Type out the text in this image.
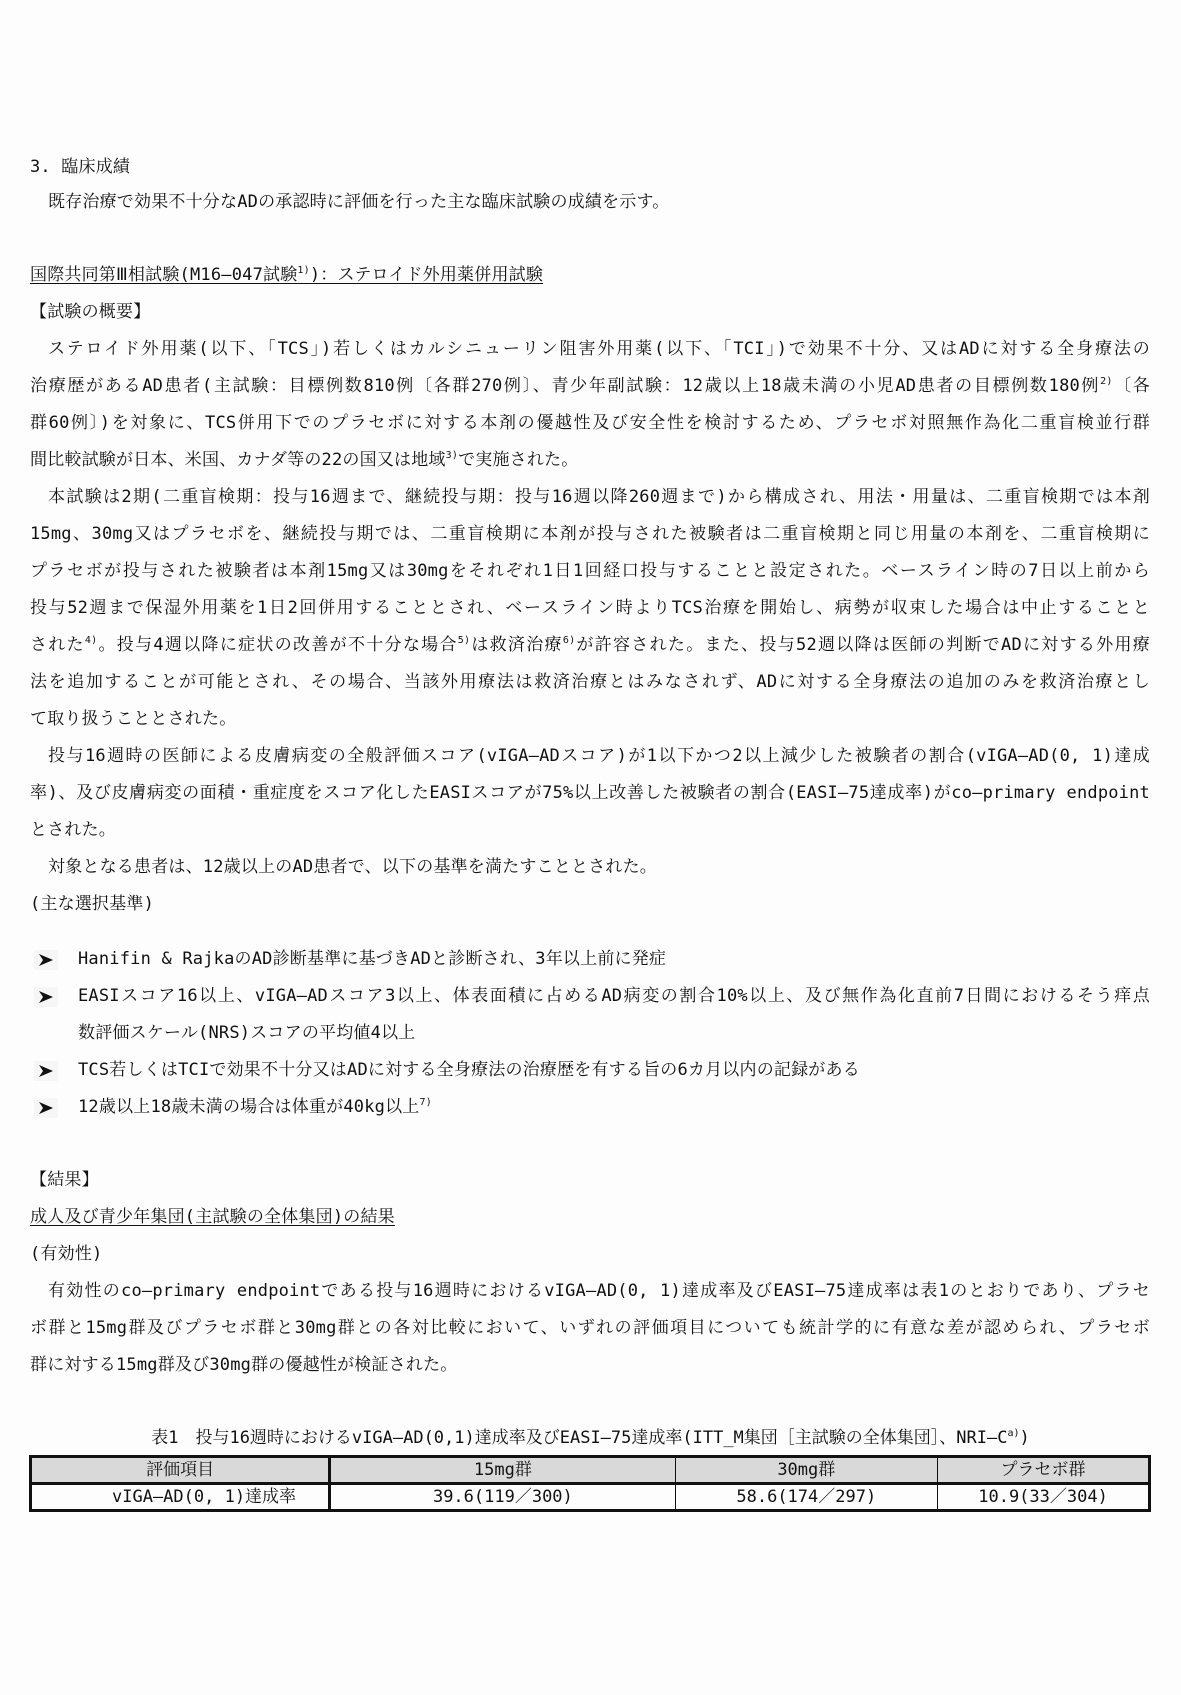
3. 臨床成績
既存治療で効果不十分なADの承認時に評価を行った主な臨床試験の成績を示す。
国際共同第Ⅲ相試験(M16—047試験$^{1)}$)：ステロイド外用薬併用試験
【試験の概要】
ステロイド外用薬(以下、「TCS」)若しくはカルシニューリン阻害外用薬(以下、「TCI」)で効果不十分、又はADに対する全身療法の
治療歴があるAD患者(主試験：目標例数810例〔各群270例〕、青少年副試験：12歳以上18歳未満の小児AD患者の目標例数180例$^{2)}$〔各
群60例〕)を対象に、TCS併用下でのプラセボに対する本剤の優越性及び安全性を検討するため、プラセボ対照無作為化二重盲検並行群
間比較試験が日本、米国、カナダ等の22の国又は地域$^{3)}$で実施された。
本試験は2期(二重盲検期：投与16週まで、継続投与期：投与16週以降260週まで)から構成され、用法・用量は、二重盲検期では本剤
15mg、30mg又はプラセボを、継続投与期では、二重盲検期に本剤が投与された被験者は二重盲検期と同じ用量の本剤を、二重盲検期に
プラセボが投与された被験者は本剤15mg又は30mgをそれぞれ1日1回経口投与することと設定された。ベースライン時の7日以上前から
投与52週まで保湿外用薬を1日2回併用することとされ、ベースライン時よりTCS治療を開始し、病勢が収束した場合は中止することと
された$^{4)}$。投与4週以降に症状の改善が不十分な場合$^{5)}$は救済治療$^{6)}$が許容された。また、投与52週以降は医師の判断でADに対する外用療
法を追加することが可能とされ、その場合、当該外用療法は救済治療とはみなされず、ADに対する全身療法の追加のみを救済治療とし
て取り扱うこととされた。
投与16週時の医師による皮膚病変の全般評価スコア(vIGA—ADスコア)が1以下かつ2以上減少した被験者の割合(vIGA—AD(0, 1)達成
率)、及び皮膚病変の面積・重症度をスコア化したEASIスコアが75%以上改善した被験者の割合(EASI—75達成率)がco—primary endpoint
とされた。
対象となる患者は、12歳以上のAD患者で、以下の基準を満たすこととされた。
(主な選択基準)
Hanifin & RajkaのAD診断基準に基づきADと診断され、3年以上前に発症
EASIスコア16以上、vIGA—ADスコア3以上、体表面積に占めるAD病変の割合10%以上、及び無作為化直前7日間におけるそう痒点
数評価スケール(NRS)スコアの平均値4以上
TCS若しくはTCIで効果不十分又はADに対する全身療法の治療歴を有する旨の6カ月以内の記録がある
12歳以上18歳未満の場合は体重が40kg以上$^{7)}$
【結果】
成人及び青少年集団(主試験の全体集団)の結果
(有効性)
有効性のco—primary endpointである投与16週時におけるvIGA—AD(0, 1)達成率及びEASI—75達成率は表1のとおりであり、プラセ
ボ群と15mg群及びプラセボ群と30mg群との各対比較において、いずれの評価項目についても統計学的に有意な差が認められ、プラセボ
群に対する15mg群及び30mg群の優越性が検証された。
表1　投与16週時におけるvIGA—AD(0,1)達成率及びEASI—75達成率(ITT_M集団［主試験の全体集団］、$NRI—C^{a)}$)
評価項目	15mg群	30mg群	プラセボ群
vIGA—AD(0, 1)達成率	39.6(119／300)	58.6(174／297)	10.9(33／304)
